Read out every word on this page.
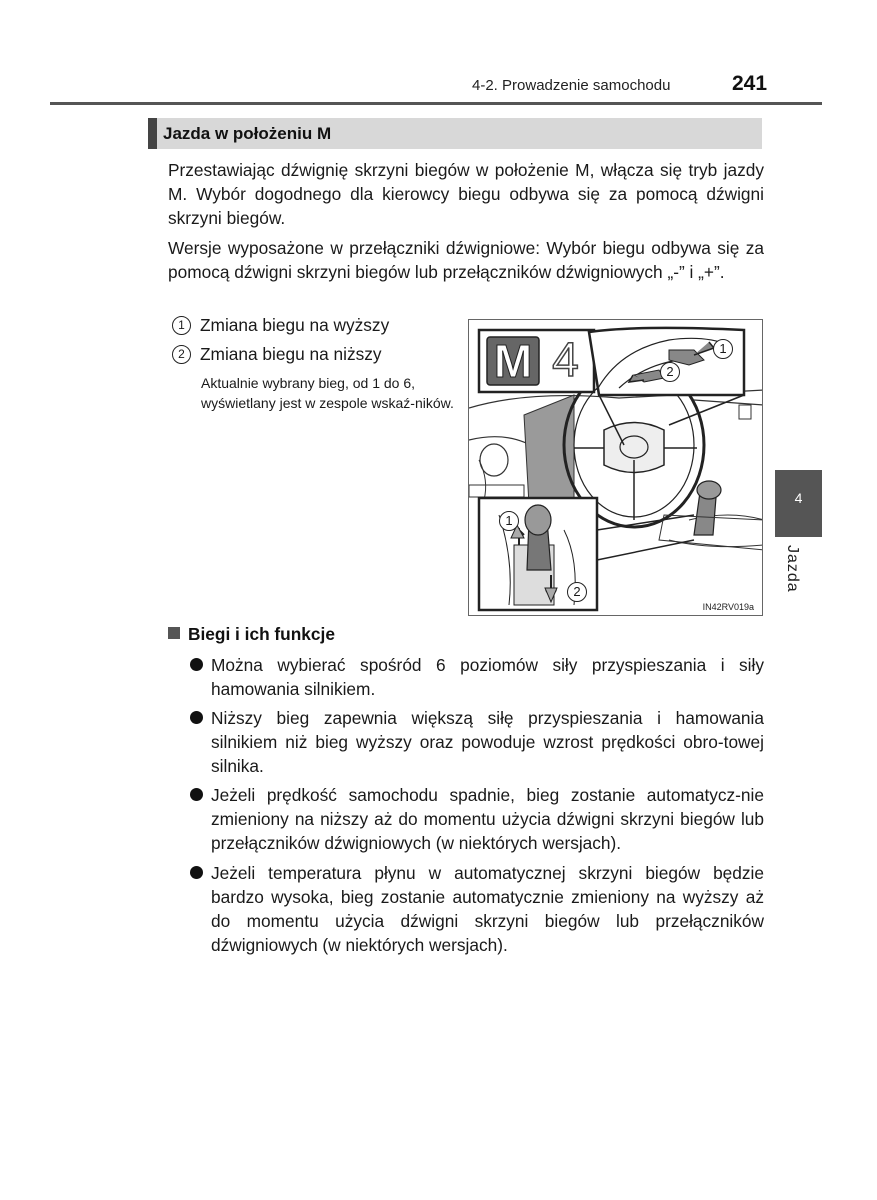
4-2. Prowadzenie samochodu	241
Jazda w położeniu M
Przestawiając dźwignię skrzyni biegów w położenie M, włącza się tryb jazdy M. Wybór dogodnego dla kierowcy biegu odbywa się za pomocą dźwigni skrzyni biegów.
Wersje wyposażone w przełączniki dźwigniowe: Wybór biegu odbywa się za pomocą dźwigni skrzyni biegów lub przełączników dźwigniowych „-” i „+”.
1 Zmiana biegu na wyższy
2 Zmiana biegu na niższy
Aktualnie wybrany bieg, od 1 do 6, wyświetlany jest w zespole wskaź-ników.
M 4	1
2
1
2
IN42RV019a
4
Jazda
Biegi i ich funkcje
Można wybierać spośród 6 poziomów siły przyspieszania i siły hamowania silnikiem.
Niższy bieg zapewnia większą siłę przyspieszania i hamowania silnikiem niż bieg wyższy oraz powoduje wzrost prędkości obro-towej silnika.
Jeżeli prędkość samochodu spadnie, bieg zostanie automatycz-nie zmieniony na niższy aż do momentu użycia dźwigni skrzyni biegów lub przełączników dźwigniowych (w niektórych wersjach).
Jeżeli temperatura płynu w automatycznej skrzyni biegów będzie bardzo wysoka, bieg zostanie automatycznie zmieniony na wyższy aż do momentu użycia dźwigni skrzyni biegów lub przełączników dźwigniowych (w niektórych wersjach).
